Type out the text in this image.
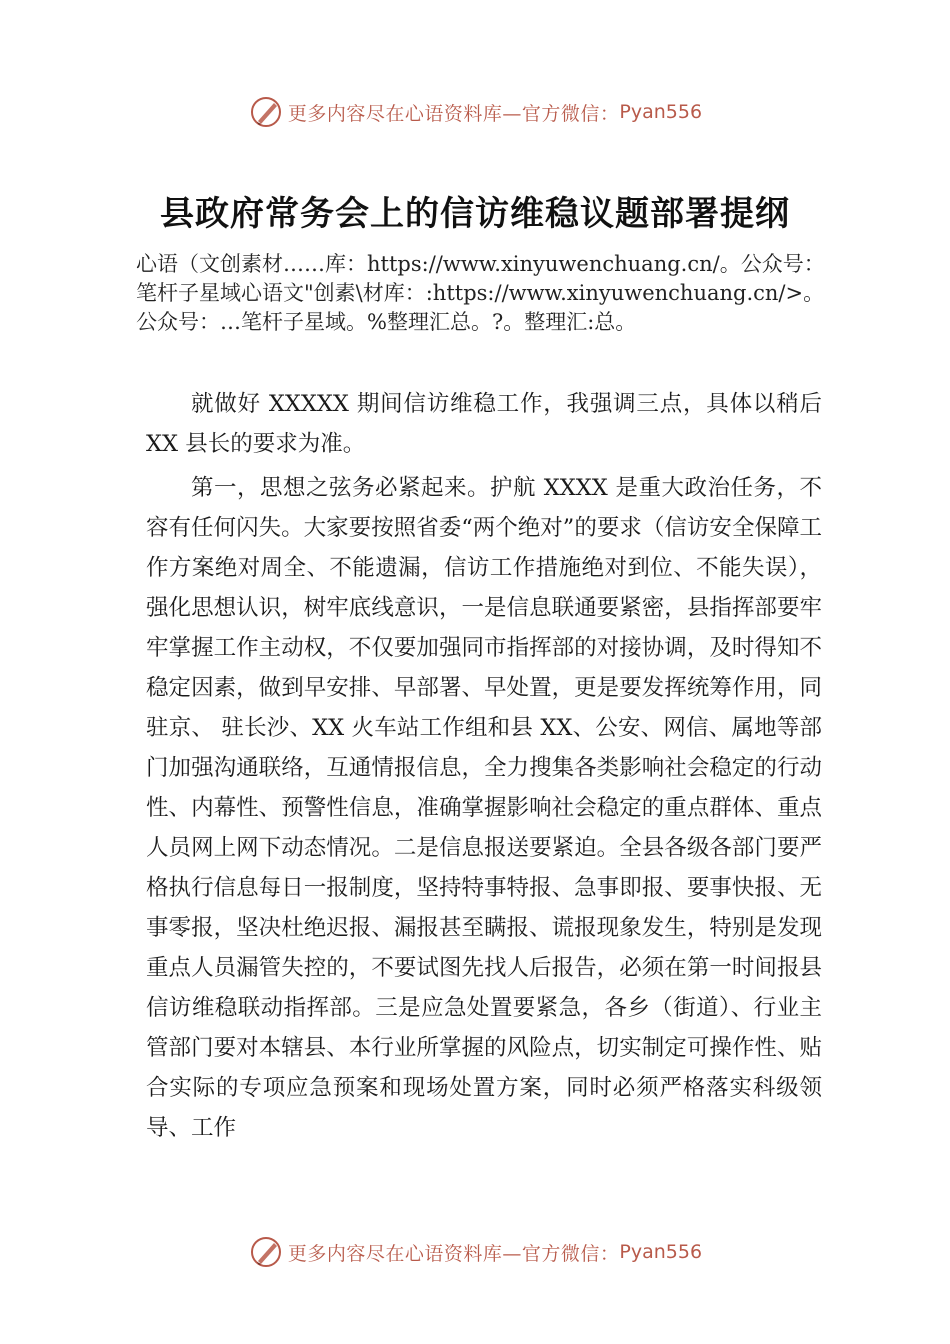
更多内容尽在心语资料库—官方微信： Pyan556
县政府常务会上的信访维稳议题部署提纲
心语（文创素材……库：https://www.xinyuwenchuang.cn/。公众号：笔杆子星域心语文"创素\材库：:https://www.xinyuwenchuang.cn/>。公众号：…笔杆子星域。%整理汇总。?。整理汇:总。

就做好 XXXXX 期间信访维稳工作，我强调三点，具体以稍后 XX 县长的要求为准。

第一，思想之弦务必紧起来。护航 XXXX 是重大政治任务，不容有任何闪失。大家要按照省委“两个绝对”的要求（信访安全保障工作方案绝对周全、不能遗漏，信访工作措施绝对到位、不能失误），强化思想认识，树牢底线意识，一是信息联通要紧密，县指挥部要牢牢掌握工作主动权，不仅要加强同市指挥部的对接协调，及时得知不稳定因素，做到早安排、早部署、早处置，更是要发挥统筹作用，同驻京、 驻长沙、XX 火车站工作组和县 XX、公安、网信、属地等部门加强沟通联络，互通情报信息，全力搜集各类影响社会稳定的行动性、内幕性、预警性信息，准确掌握影响社会稳定的重点群体、重点人员网上网下动态情况。二是信息报送要紧迫。全县各级各部门要严格执行信息每日一报制度，坚持特事特报、急事即报、要事快报、无事零报，坚决杜绝迟报、漏报甚至瞒报、谎报现象发生，特别是发现重点人员漏管失控的，不要试图先找人后报告，必须在第一时间报县信访维稳联动指挥部。三是应急处置要紧急，各乡（街道）、行业主管部门要对本辖县、本行业所掌握的风险点，切实制定可操作性、贴合实际的专项应急预案和现场处置方案，同时必须严格落实科级领导、工作

更多内容尽在心语资料库—官方微信： Pyan556
